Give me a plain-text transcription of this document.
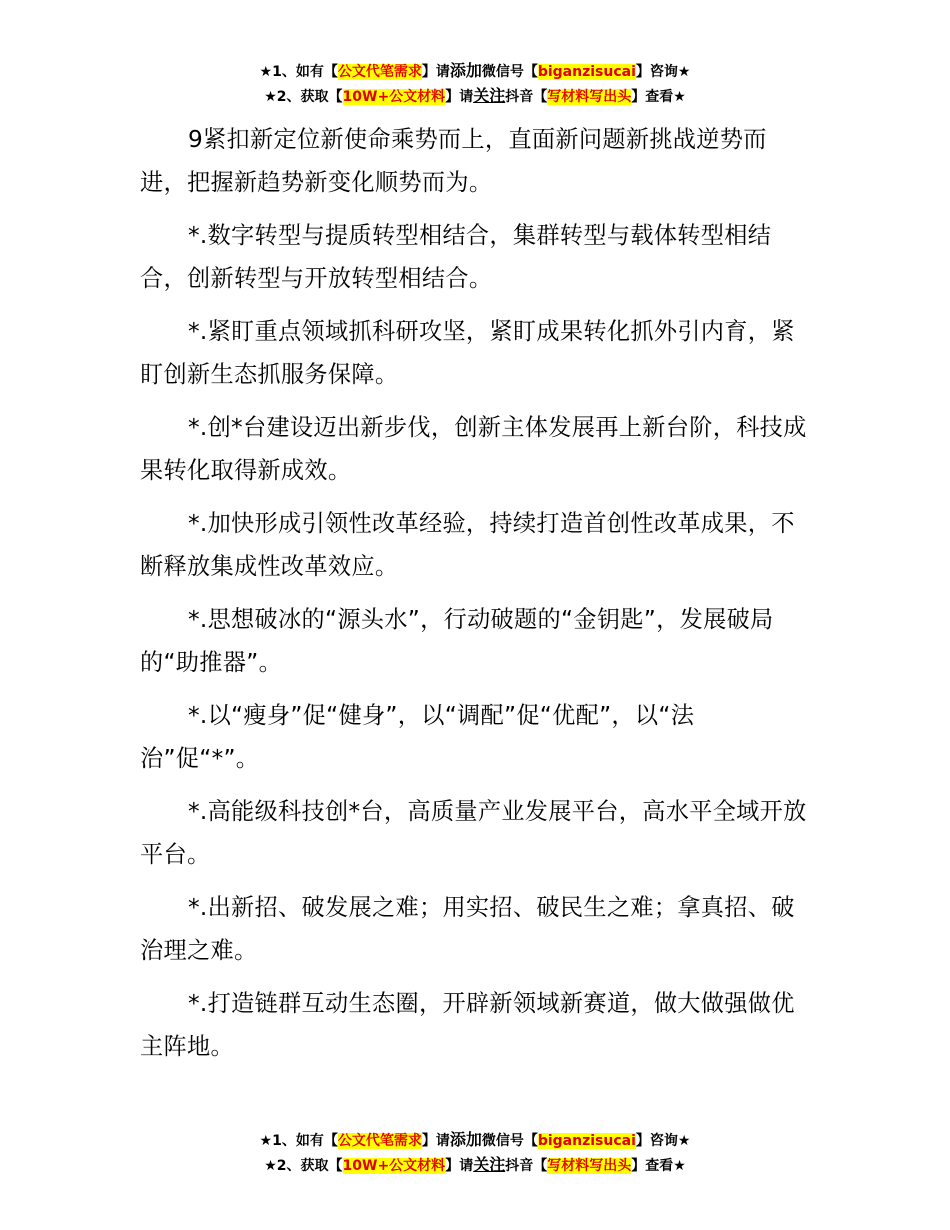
★1、如有【公文代笔需求】请添加微信号【biganzisucai】咨询★
★2、获取【10W+公文材料】请关注抖音【写材料写出头】查看★

9紧扣新定位新使命乘势而上，直面新问题新挑战逆势而进，把握新趋势新变化顺势而为。

*.数字转型与提质转型相结合，集群转型与载体转型相结合，创新转型与开放转型相结合。

*.紧盯重点领域抓科研攻坚，紧盯成果转化抓外引内育，紧盯创新生态抓服务保障。

*.创*台建设迈出新步伐，创新主体发展再上新台阶，科技成果转化取得新成效。

*.加快形成引领性改革经验，持续打造首创性改革成果，不断释放集成性改革效应。

*.思想破冰的“源头水”，行动破题的“金钥匙”，发展破局的“助推器”。

*.以“瘦身”促“健身”，以“调配”促“优配”，以“法治”促“*”。

*.高能级科技创*台，高质量产业发展平台，高水平全域开放平台。

*.出新招、破发展之难；用实招、破民生之难；拿真招、破治理之难。

*.打造链群互动生态圈，开辟新领域新赛道，做大做强做优主阵地。

★1、如有【公文代笔需求】请添加微信号【biganzisucai】咨询★
★2、获取【10W+公文材料】请关注抖音【写材料写出头】查看★
